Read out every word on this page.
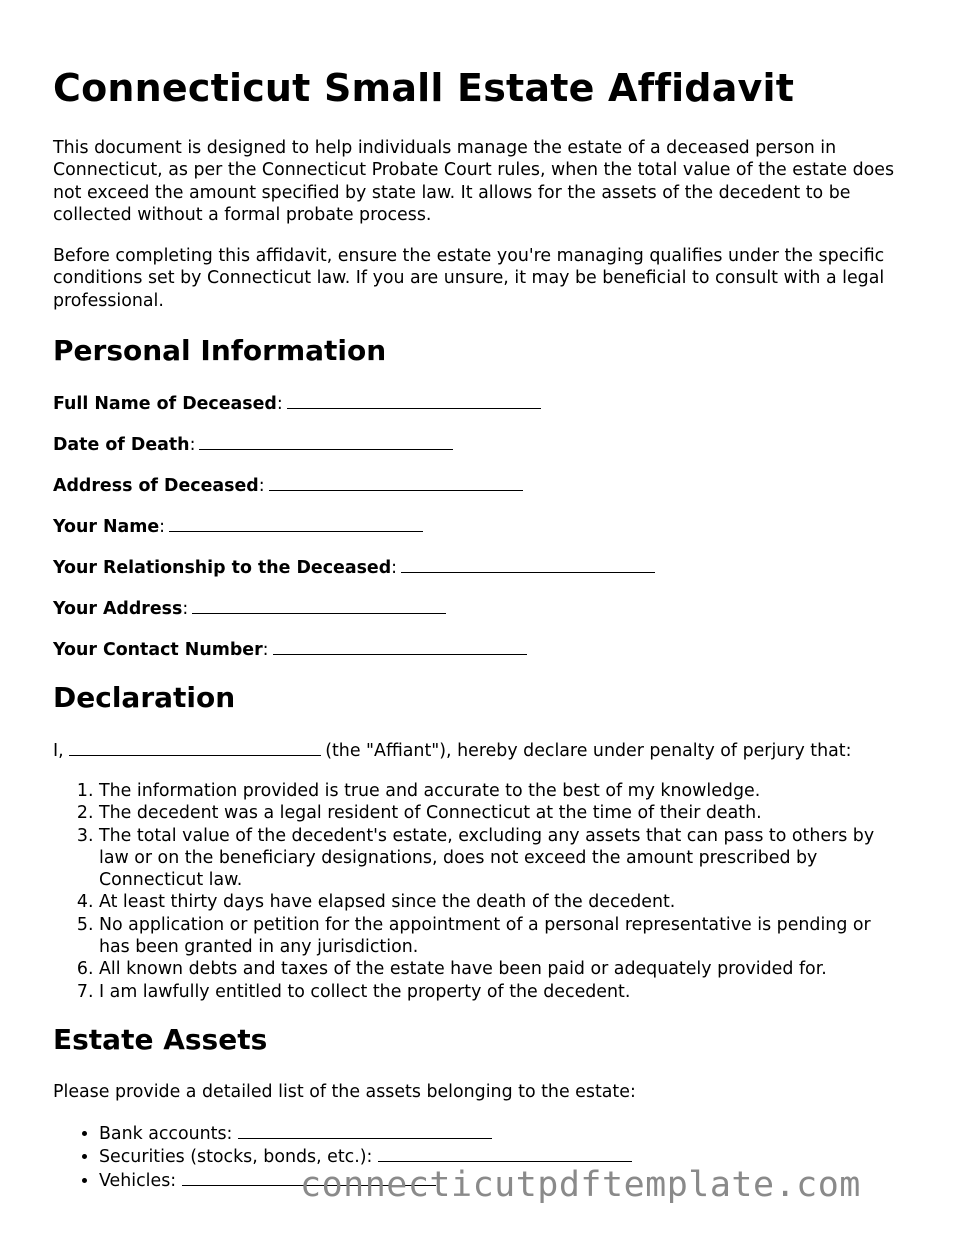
Connecticut Small Estate Affidavit

This document is designed to help individuals manage the estate of a deceased person in Connecticut, as per the Connecticut Probate Court rules, when the total value of the estate does not exceed the amount specified by state law. It allows for the assets of the decedent to be collected without a formal probate process.

Before completing this affidavit, ensure the estate you're managing qualifies under the specific conditions set by Connecticut law. If you are unsure, it may be beneficial to consult with a legal professional.

Personal Information
Full Name of Deceased:
Date of Death:
Address of Deceased:
Your Name:
Your Relationship to the Deceased:
Your Address:
Your Contact Number:
Declaration
I,	(the "Affiant"), hereby declare under penalty of perjury that:
1. The information provided is true and accurate to the best of my knowledge.
2. The decedent was a legal resident of Connecticut at the time of their death.
3. The total value of the decedent's estate, excluding any assets that can pass to others by law or on the beneficiary designations, does not exceed the amount prescribed by Connecticut law.
4. At least thirty days have elapsed since the death of the decedent.
5. No application or petition for the appointment of a personal representative is pending or has been granted in any jurisdiction.
6. All known debts and taxes of the estate have been paid or adequately provided for.
7. I am lawfully entitled to collect the property of the decedent.
Estate Assets

Please provide a detailed list of the assets belonging to the estate:

• Bank accounts:
• Securities (stocks, bonds, etc.):
• Vehicles:	connecticutpdftemplate.com
